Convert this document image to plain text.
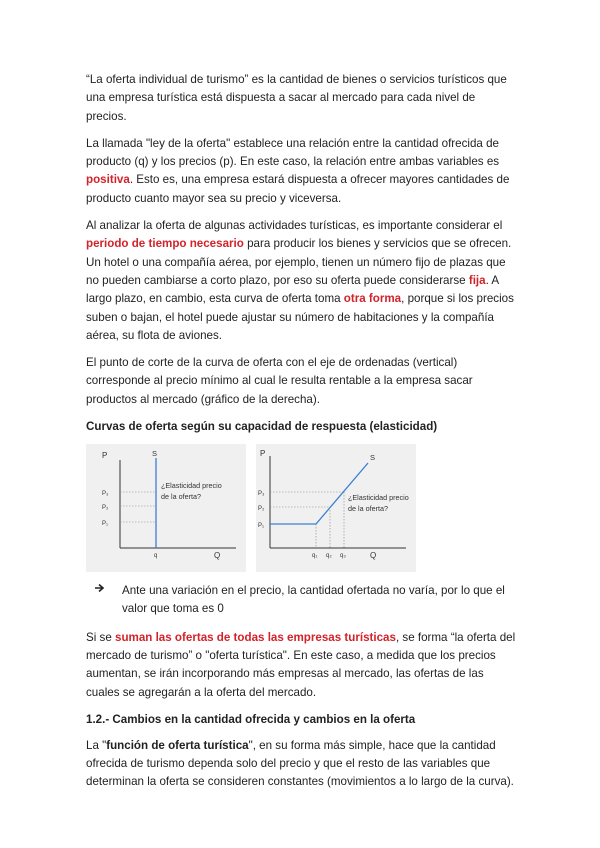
“La oferta individual de turismo” es la cantidad de bienes o servicios turísticos que una empresa turística está dispuesta a sacar al mercado para cada nivel de precios.

La llamada "ley de la oferta" establece una relación entre la cantidad ofrecida de producto (q) y los precios (p). En este caso, la relación entre ambas variables es positiva. Esto es, una empresa estará dispuesta a ofrecer mayores cantidades de producto cuanto mayor sea su precio y viceversa.

Al analizar la oferta de algunas actividades turísticas, es importante considerar el periodo de tiempo necesario para producir los bienes y servicios que se ofrecen. Un hotel o una compañía aérea, por ejemplo, tienen un número fijo de plazas que no pueden cambiarse a corto plazo, por eso su oferta puede considerarse fija. A largo plazo, en cambio, esta curva de oferta toma otra forma, porque si los precios suben o bajan, el hotel puede ajustar su número de habitaciones y la compañía aérea, su flota de aviones.

El punto de corte de la curva de oferta con el eje de ordenadas (vertical) corresponde al precio mínimo al cual le resulta rentable a la empresa sacar productos al mercado (gráfico de la derecha).

Curvas de oferta según su capacidad de respuesta (elasticidad)
P
Q
S
P₃
P₂
P₁
q
¿Elasticidad precio
de la oferta?
P
Q
S
P₃
P₂
P₁
q₁ q₂ q₃
¿Elasticidad precio
de la oferta?
Ante una variación en el precio, la cantidad ofertada no varía, por lo que el valor que toma es 0

Si se suman las ofertas de todas las empresas turísticas, se forma “la oferta del mercado de turismo” o "oferta turística". En este caso, a medida que los precios aumentan, se irán incorporando más empresas al mercado, las ofertas de las cuales se agregarán a la oferta del mercado.

1.2.- Cambios en la cantidad ofrecida y cambios en la oferta

La "función de oferta turística", en su forma más simple, hace que la cantidad ofrecida de turismo dependa solo del precio y que el resto de las variables que determinan la oferta se consideren constantes (movimientos a lo largo de la curva).
